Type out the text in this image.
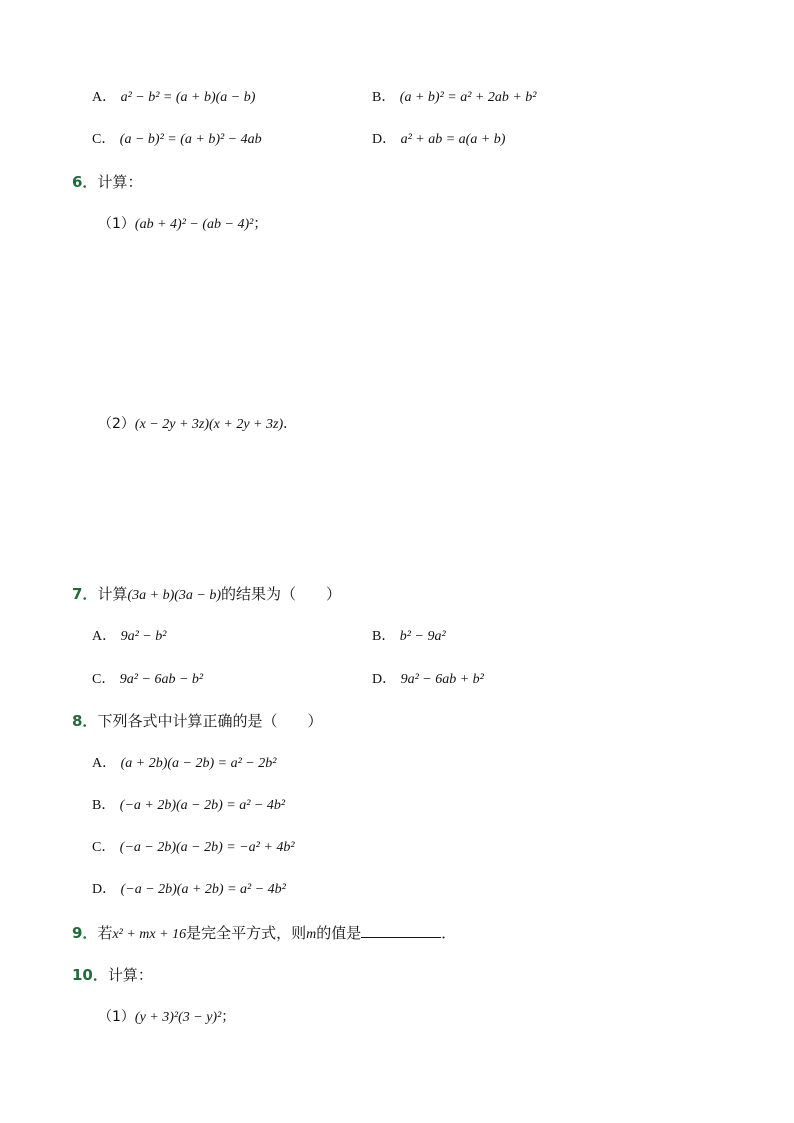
A． a² − b² = (a + b)(a − b)	B． (a + b)² = a² + 2ab + b²
C． (a − b)² = (a + b)² − 4ab	D． a² + ab = a(a + b)
6．计算：
（1）(ab + 4)² − (ab − 4)²；
（2）(x − 2y + 3z)(x + 2y + 3z)．
7．计算(3a + b)(3a − b)的结果为（　　）
A． 9a² − b²	B． b² − 9a²
C． 9a² − 6ab − b²	D． 9a² − 6ab + b²
8．下列各式中计算正确的是（　　）
A． (a + 2b)(a − 2b) = a² − 2b²
B． (−a + 2b)(a − 2b) = a² − 4b²
C． (−a − 2b)(a − 2b) = −a² + 4b²
D． (−a − 2b)(a + 2b) = a² − 4b²
9．若x² + mx + 16是完全平方式，则m的值是	．
10．计算：
（1）(y + 3)²(3 − y)²；
